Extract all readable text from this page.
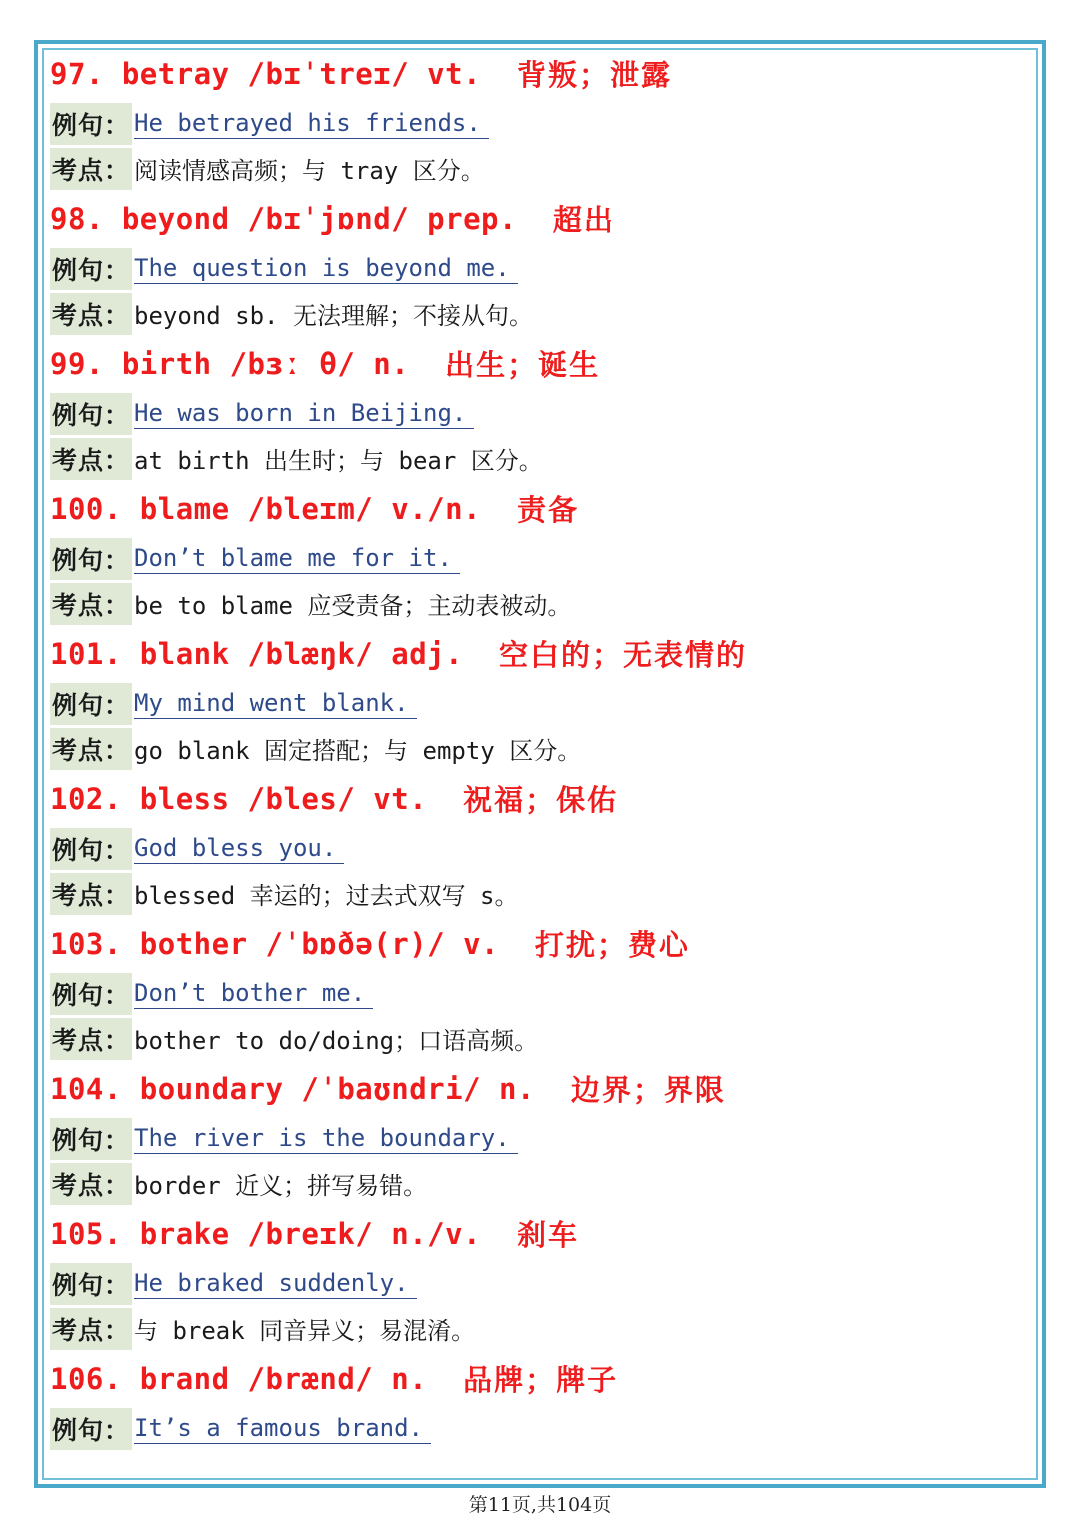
97. betray /bɪˈtreɪ/ vt.
背叛；泄露
例句： He betrayed his friends.
考点： 阅读情感高频；与 tray 区分。
98. beyond /bɪˈjɒnd/ prep.
超出
例句： The question is beyond me.
考点： beyond sb. 无法理解；不接从句。
99. birth /bɜː θ/ n.
出生；诞生
例句： He was born in Beijing.
考点： at birth 出生时；与 bear 区分。
100. blame /bleɪm/ v./n.
责备
例句： Don’t blame me for it.
考点： be to blame 应受责备；主动表被动。
101. blank /blæŋk/ adj.
空白的；无表情的
例句： My mind went blank.
考点： go blank 固定搭配；与 empty 区分。
102. bless /bles/ vt.
祝福；保佑
例句： God bless you.
考点： blessed 幸运的；过去式双写 s。
103. bother /ˈbɒðə(r)/ v.
打扰；费心
例句： Don’t bother me.
考点： bother to do/doing；口语高频。
104. boundary /ˈbaʊndri/ n.
边界；界限
例句： The river is the boundary.
考点： border 近义；拼写易错。
105. brake /breɪk/ n./v.
刹车
例句： He braked suddenly.
考点： 与 break 同音异义；易混淆。
106. brand /brænd/ n.
品牌；牌子
例句： It’s a famous brand.
第11页,共104页
